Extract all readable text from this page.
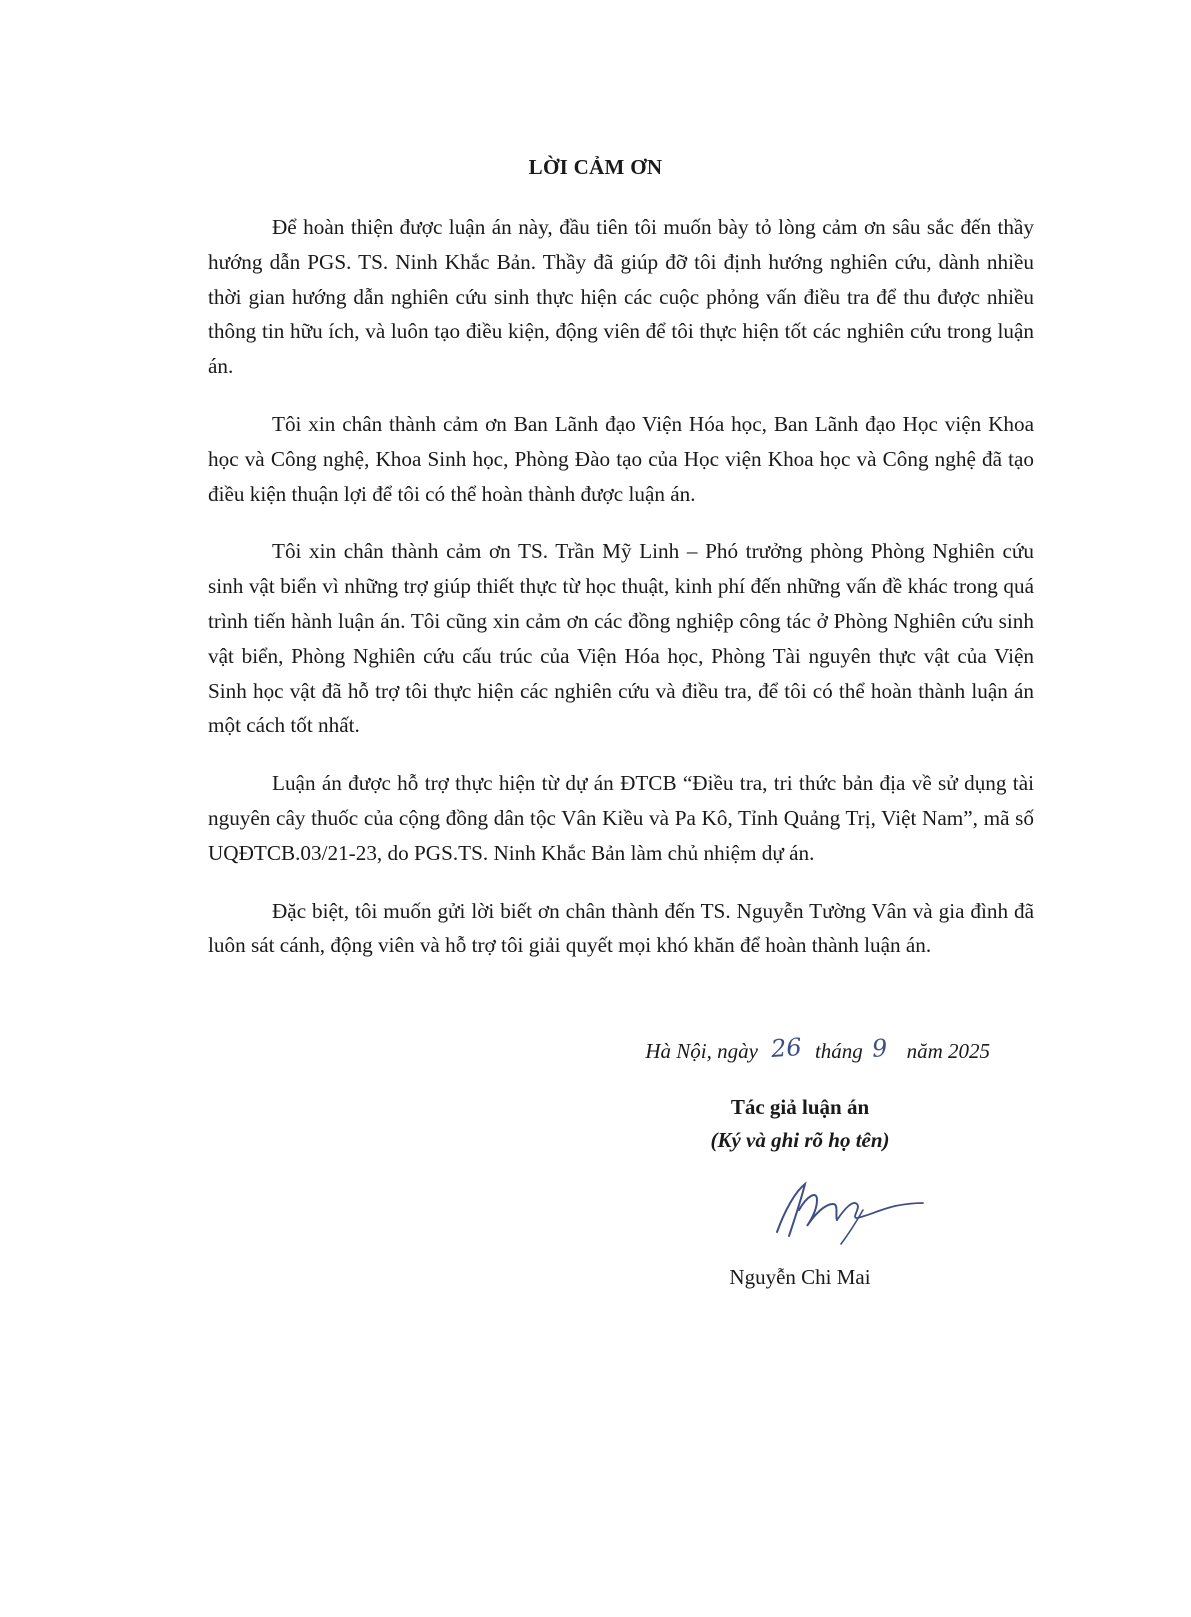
LỜI CẢM ƠN

Để hoàn thiện được luận án này, đầu tiên tôi muốn bày tỏ lòng cảm ơn sâu sắc đến thầy hướng dẫn PGS. TS. Ninh Khắc Bản. Thầy đã giúp đỡ tôi định hướng nghiên cứu, dành nhiều thời gian hướng dẫn nghiên cứu sinh thực hiện các cuộc phỏng vấn điều tra để thu được nhiều thông tin hữu ích, và luôn tạo điều kiện, động viên để tôi thực hiện tốt các nghiên cứu trong luận án.

Tôi xin chân thành cảm ơn Ban Lãnh đạo Viện Hóa học, Ban Lãnh đạo Học viện Khoa học và Công nghệ, Khoa Sinh học, Phòng Đào tạo của Học viện Khoa học và Công nghệ đã tạo điều kiện thuận lợi để tôi có thể hoàn thành được luận án.

Tôi xin chân thành cảm ơn TS. Trần Mỹ Linh – Phó trưởng phòng Phòng Nghiên cứu sinh vật biển vì những trợ giúp thiết thực từ học thuật, kinh phí đến những vấn đề khác trong quá trình tiến hành luận án. Tôi cũng xin cảm ơn các đồng nghiệp công tác ở Phòng Nghiên cứu sinh vật biển, Phòng Nghiên cứu cấu trúc của Viện Hóa học, Phòng Tài nguyên thực vật của Viện Sinh học vật đã hỗ trợ tôi thực hiện các nghiên cứu và điều tra, để tôi có thể hoàn thành luận án một cách tốt nhất.

Luận án được hỗ trợ thực hiện từ dự án ĐTCB “Điều tra, tri thức bản địa về sử dụng tài nguyên cây thuốc của cộng đồng dân tộc Vân Kiều và Pa Kô, Tỉnh Quảng Trị, Việt Nam”, mã số UQĐTCB.03/21-23, do PGS.TS. Ninh Khắc Bản làm chủ nhiệm dự án.

Đặc biệt, tôi muốn gửi lời biết ơn chân thành đến TS. Nguyễn Tường Vân và gia đình đã luôn sát cánh, động viên và hỗ trợ tôi giải quyết mọi khó khăn để hoàn thành luận án.

Hà Nội, ngày 26 tháng 9 năm 2025
Tác giả luận án
(Ký và ghi rõ họ tên)
Nguyễn Chi Mai
